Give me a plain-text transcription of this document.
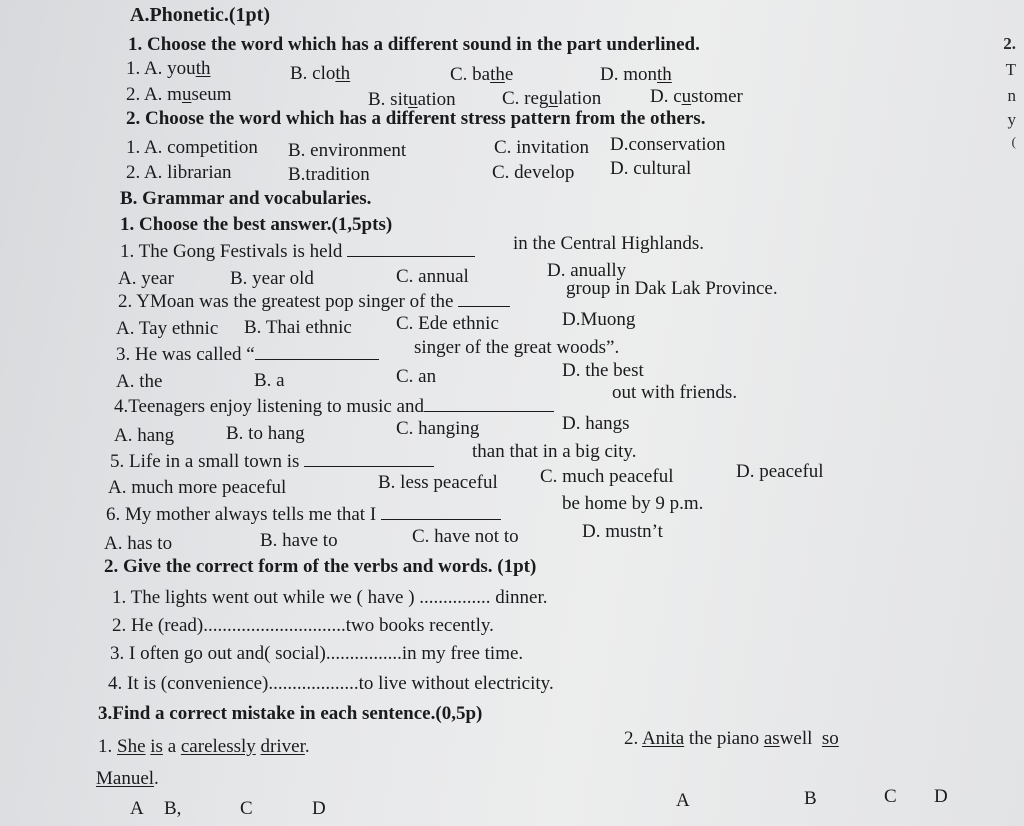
A.Phonetic.(1pt)
1. Choose the word which has a different sound in the part underlined.
1. A. youth	B. cloth	C. bathe	D. month
2. A. museum	B. situation C. regulation	D. customer
2. Choose the word which has a different stress pattern from the others.
1. A. competition B. environment	C. invitation D.conservation
2. A. librarian	B.tradition	C. develop D. cultural
B. Grammar and vocabularies.
1. Choose the best answer.(1,5pts)
1. The Gong Festivals is held	in the Central Highlands.
A. year	B. year old	C. annual	D. anually
2. YMoan was the greatest pop singer of the
group in Dak Lak Province.
A. Tay ethnic B. Thai ethnic C. Ede ethnic	D.Muong
3. He was called “	singer of the great woods”.
A. the	B. a	C. an	D. the best
4.Teenagers enjoy listening to music and
out with friends.
A. hang	B. to hang	C. hanging	D. hangs
5. Life in a small town is	than that in a big city.
A. much more peaceful	B. less peaceful C. much peaceful	D. peaceful
6. My mother always tells me that I
be home by 9 p.m.
A. has to	B. have to	C. have not to	D. mustn’t
2. Give the correct form of the verbs and words. (1pt)
1. The lights went out while we ( have ) ............... dinner.
2. He (read)..............................two books recently.
3. I often go out and( social)................in my free time.
4. It is (convenience)...................to live without electricity.
3.Find a correct mistake in each sentence.(0,5p)
1. She is a carelessly driver.
Manuel.
A B,	C	D
2. Anita the piano aswell so
A	B	C D
2.
T
n
y
(
